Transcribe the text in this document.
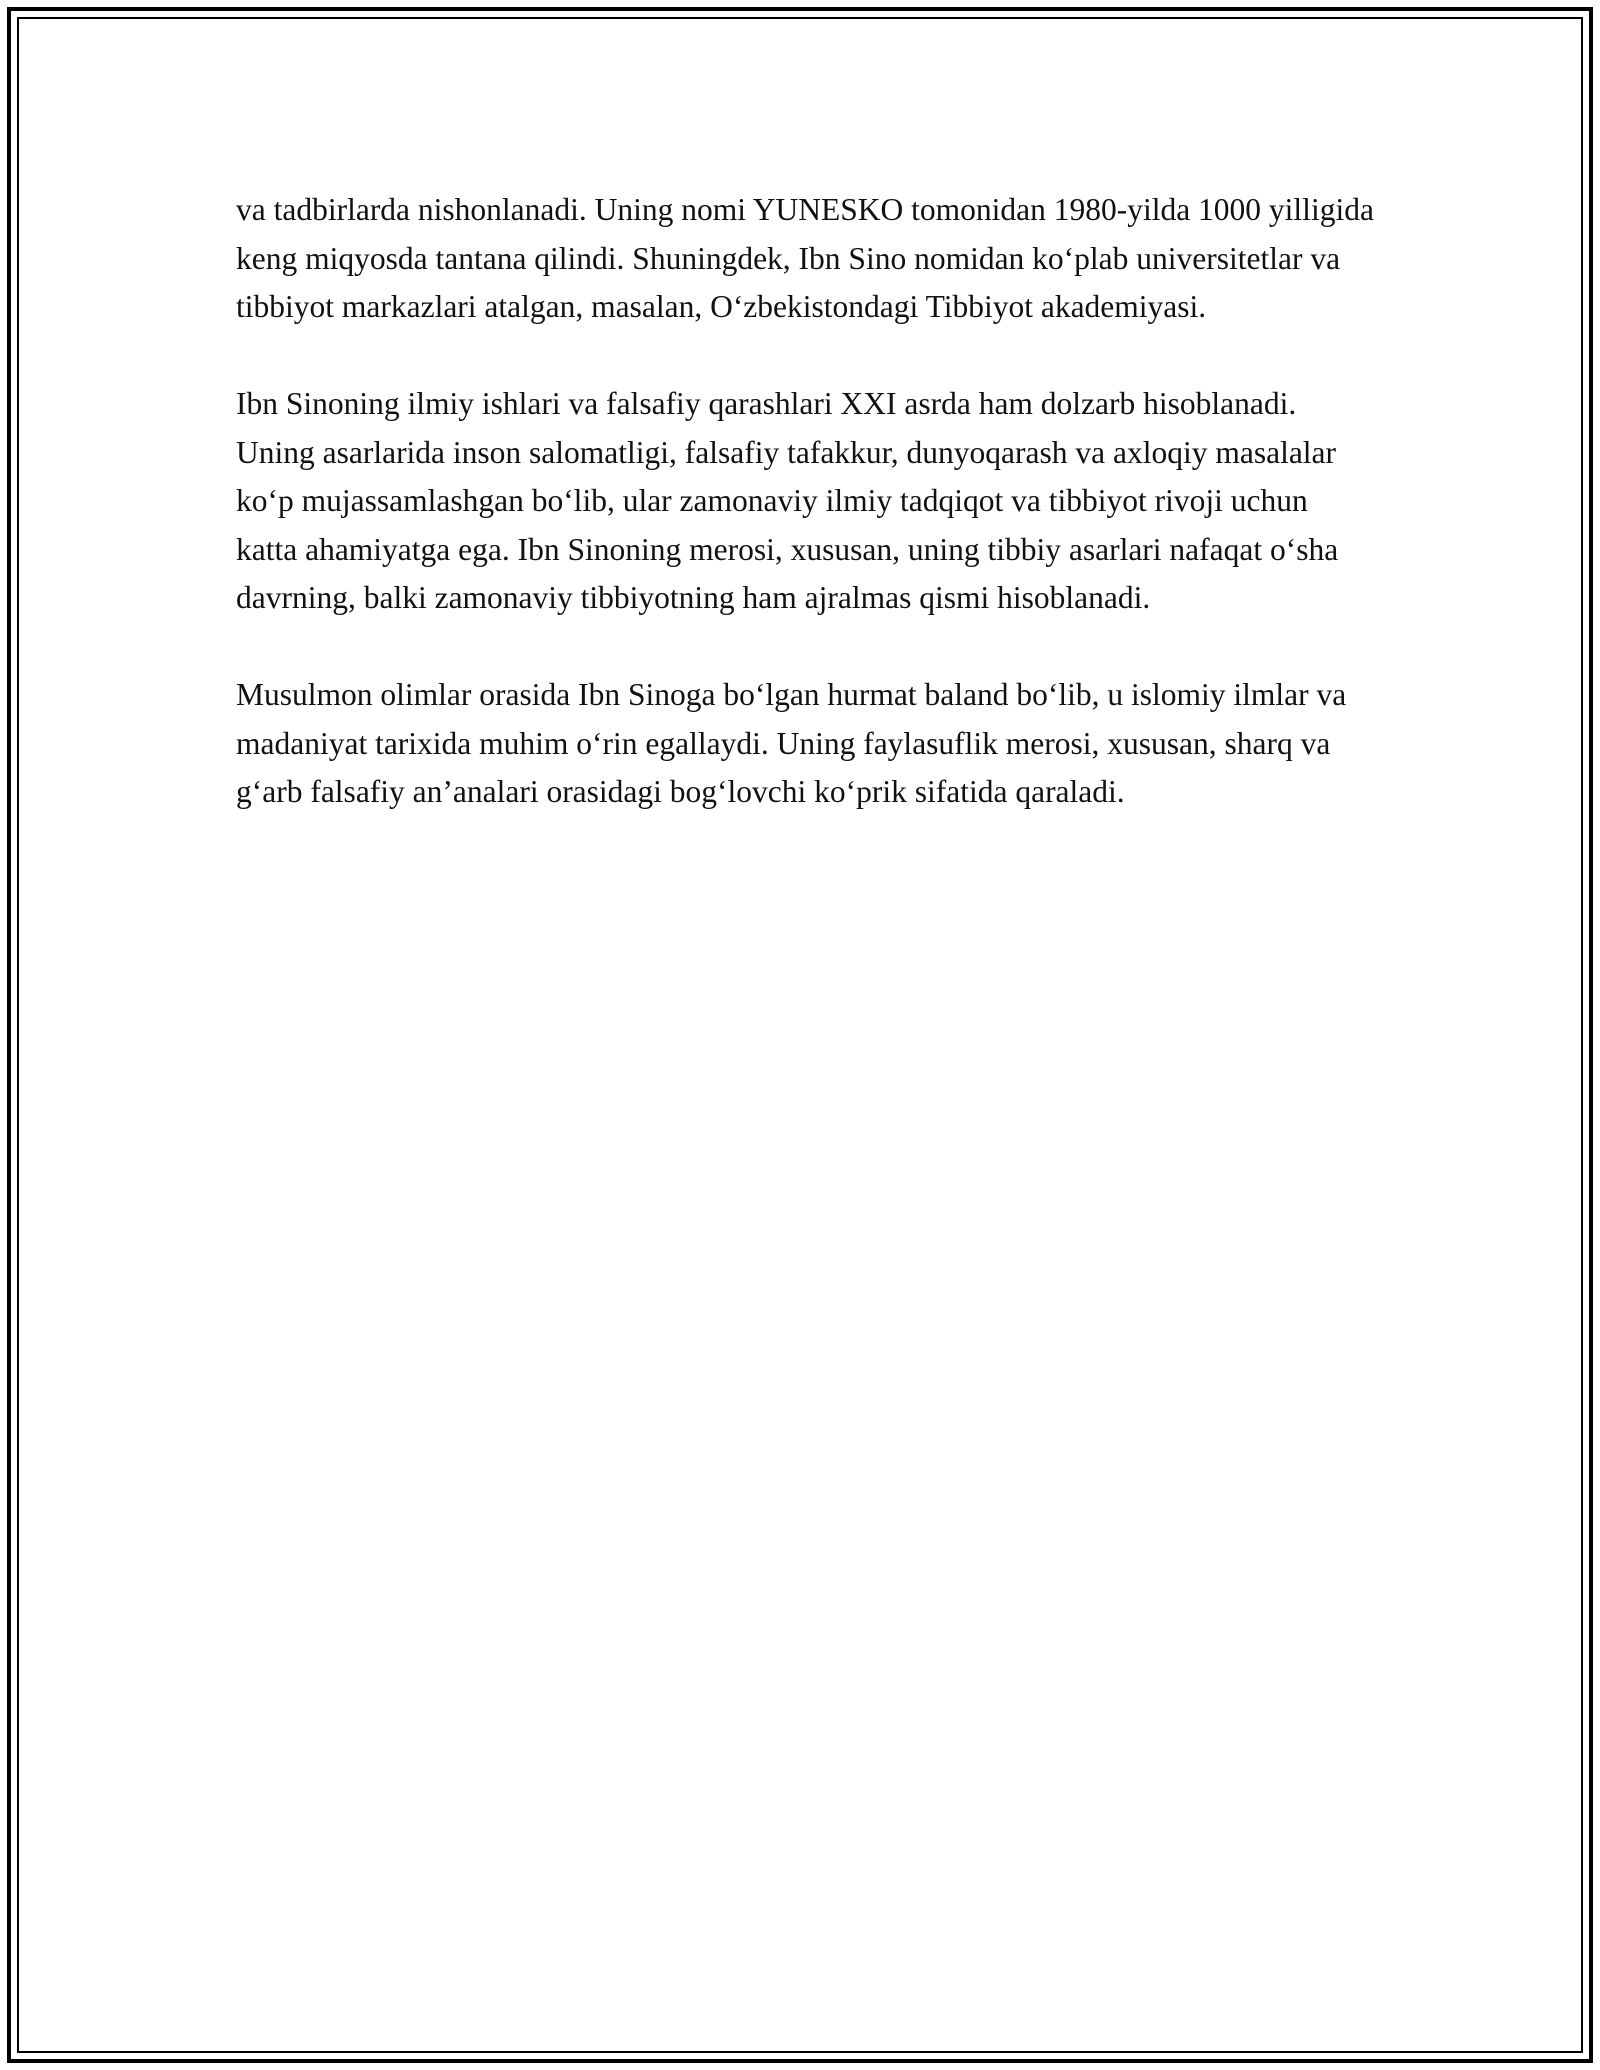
va tadbirlarda nishonlanadi. Uning nomi YUNESKO tomonidan 1980-yilda 1000 yilligida keng miqyosda tantana qilindi. Shuningdek, Ibn Sino nomidan ko‘plab universitetlar va tibbiyot markazlari atalgan, masalan, O‘zbekistondagi Tibbiyot akademiyasi.

Ibn Sinoning ilmiy ishlari va falsafiy qarashlari XXI asrda ham dolzarb hisoblanadi. Uning asarlarida inson salomatligi, falsafiy tafakkur, dunyoqarash va axloqiy masalalar ko‘p mujassamlashgan bo‘lib, ular zamonaviy ilmiy tadqiqot va tibbiyot rivoji uchun katta ahamiyatga ega. Ibn Sinoning merosi, xususan, uning tibbiy asarlari nafaqat o‘sha davrning, balki zamonaviy tibbiyotning ham ajralmas qismi hisoblanadi.

Musulmon olimlar orasida Ibn Sinoga bo‘lgan hurmat baland bo‘lib, u islomiy ilmlar va madaniyat tarixida muhim o‘rin egallaydi. Uning faylasuflik merosi, xususan, sharq va g‘arb falsafiy an’analari orasidagi bog‘lovchi ko‘prik sifatida qaraladi.
